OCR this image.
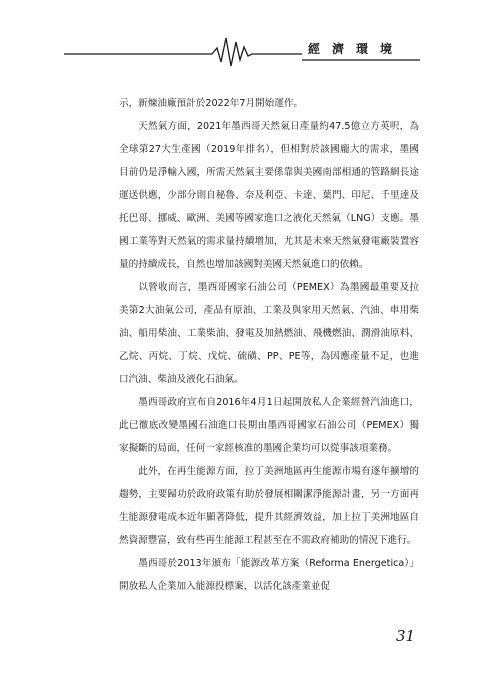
經濟環境

示，新煉油廠預計於2022年7月開始運作。

天然氣方面，2021年墨西哥天然氣日產量約47.5億立方英呎，為全球第27大生產國（2019年排名），但相對於該國龐大的需求，墨國目前仍是淨輸入國，所需天然氣主要係靠與美國南部相通的管路網長途運送供應，少部分則自秘魯、奈及利亞、卡達、葉門、印尼、千里達及托巴哥、挪威、歐洲、美國等國家進口之液化天然氣（LNG）支應。墨國工業等對天然氣的需求量持續增加，尤其是未來天然氣發電廠裝置容量的持續成長，自然也增加該國對美國天然氣進口的依賴。

以營收而言，墨西哥國家石油公司（PEMEX）為墨國最重要及拉美第2大油氣公司，產品有原油、工業及與家用天然氣、汽油、車用柴油、船用柴油、工業柴油、發電及加熱燃油、飛機燃油、潤滑油原料、乙烷、丙烷、丁烷、戊烷、硫磺、PP、PE等，為因應產量不足，也進口汽油、柴油及液化石油氣。

墨西哥政府宣布自2016年4月1日起開放私人企業經營汽油進口，此已徹底改變墨國石油進口長期由墨西哥國家石油公司（PEMEX）獨家擬斷的局面，任何一家經核准的墨國企業均可以從事該項業務。

此外，在再生能源方面，拉丁美洲地區再生能源市場有逐年擴增的趨勢，主要歸功於政府政策有助於發展相關潔淨能源計畫，另一方面再生能源發電成本近年顯著降低，提升其經濟效益，加上拉丁美洲地區自然資源豐富，致有些再生能源工程甚至在不需政府補助的情況下進行。

墨西哥於2013年頒布「能源改革方案（Reforma Energetica）」開放私人企業加入能源投標案，以活化該產業並促

31
